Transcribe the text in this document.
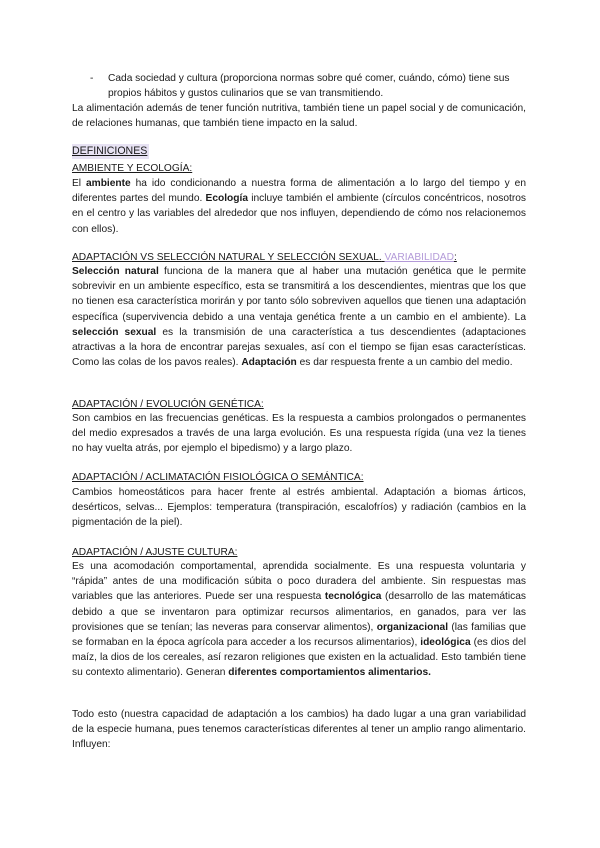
- Cada sociedad y cultura (proporciona normas sobre qué comer, cuándo, cómo) tiene sus propios hábitos y gustos culinarios que se van transmitiendo.

La alimentación además de tener función nutritiva, también tiene un papel social y de comunicación, de relaciones humanas, que también tiene impacto en la salud.

DEFINICIONES
AMBIENTE Y ECOLOGÍA:

El ambiente ha ido condicionando a nuestra forma de alimentación a lo largo del tiempo y en diferentes partes del mundo. Ecología incluye también el ambiente (círculos concéntricos, nosotros en el centro y las variables del alrededor que nos influyen, dependiendo de cómo nos relacionemos con ellos).

ADAPTACIÓN VS SELECCIÓN NATURAL Y SELECCIÓN SEXUAL. VARIABILIDAD:

Selección natural funciona de la manera que al haber una mutación genética que le permite sobrevivir en un ambiente específico, esta se transmitirá a los descendientes, mientras que los que no tienen esa característica morirán y por tanto sólo sobreviven aquellos que tienen una adaptación específica (supervivencia debido a una ventaja genética frente a un cambio en el ambiente). La selección sexual es la transmisión de una característica a tus descendientes (adaptaciones atractivas a la hora de encontrar parejas sexuales, así con el tiempo se fijan esas características. Como las colas de los pavos reales). Adaptación es dar respuesta frente a un cambio del medio.

ADAPTACIÓN / EVOLUCIÓN GENÉTICA:

Son cambios en las frecuencias genéticas. Es la respuesta a cambios prolongados o permanentes del medio expresados a través de una larga evolución. Es una respuesta rígida (una vez la tienes no hay vuelta atrás, por ejemplo el bipedismo) y a largo plazo.

ADAPTACIÓN / ACLIMATACIÓN FISIOLÓGICA O SEMÁNTICA:

Cambios homeostáticos para hacer frente al estrés ambiental. Adaptación a biomas árticos, desérticos, selvas... Ejemplos: temperatura (transpiración, escalofríos) y radiación (cambios en la pigmentación de la piel).

ADAPTACIÓN / AJUSTE CULTURA:

Es una acomodación comportamental, aprendida socialmente. Es una respuesta voluntaria y “rápida” antes de una modificación súbita o poco duradera del ambiente. Sin respuestas mas variables que las anteriores. Puede ser una respuesta tecnológica (desarrollo de las matemáticas debido a que se inventaron para optimizar recursos alimentarios, en ganados, para ver las provisiones que se tenían; las neveras para conservar alimentos), organizacional (las familias que se formaban en la época agrícola para acceder a los recursos alimentarios), ideológica (es dios del maíz, la dios de los cereales, así rezaron religiones que existen en la actualidad. Esto también tiene su contexto alimentario). Generan diferentes comportamientos alimentarios.

Todo esto (nuestra capacidad de adaptación a los cambios) ha dado lugar a una gran variabilidad de la especie humana, pues tenemos características diferentes al tener un amplio rango alimentario. Influyen:
